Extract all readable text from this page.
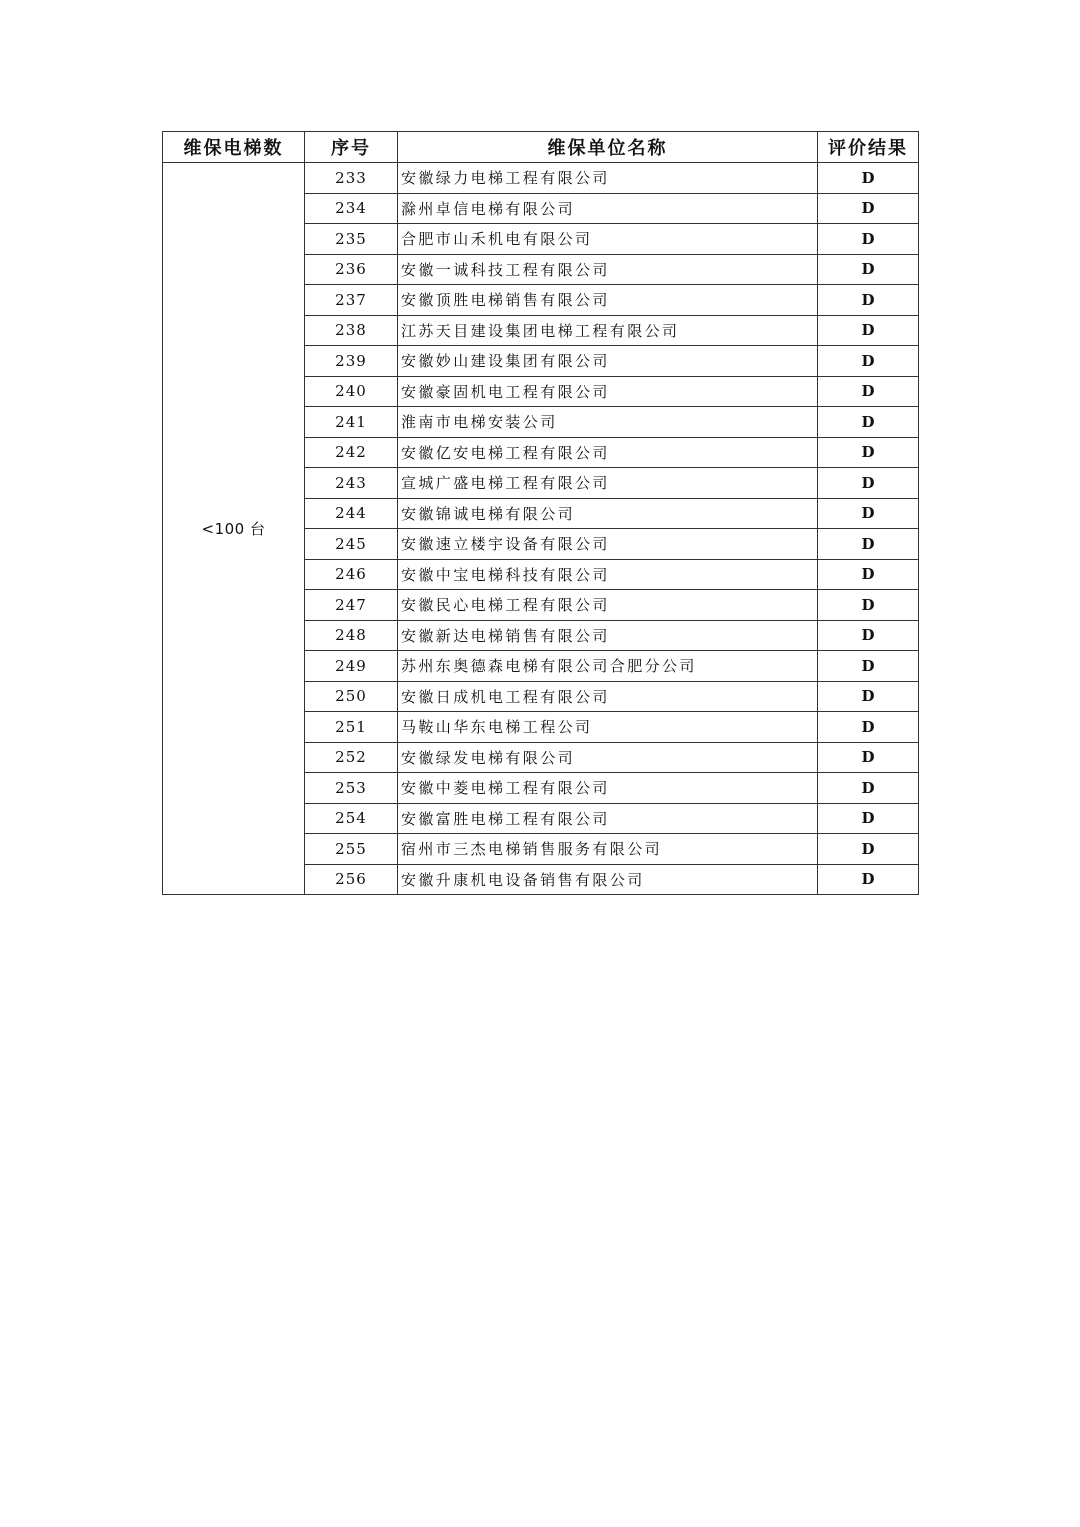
维保电梯数	序号	维保单位名称	评价结果
<100 台	233	安徽绿力电梯工程有限公司	D
	234	滁州卓信电梯有限公司	D
	235	合肥市山禾机电有限公司	D
	236	安徽一诚科技工程有限公司	D
	237	安徽顶胜电梯销售有限公司	D
	238	江苏天目建设集团电梯工程有限公司	D
	239	安徽妙山建设集团有限公司	D
	240	安徽豪固机电工程有限公司	D
	241	淮南市电梯安装公司	D
	242	安徽亿安电梯工程有限公司	D
	243	宣城广盛电梯工程有限公司	D
	244	安徽锦诚电梯有限公司	D
	245	安徽速立楼宇设备有限公司	D
	246	安徽中宝电梯科技有限公司	D
	247	安徽民心电梯工程有限公司	D
	248	安徽新达电梯销售有限公司	D
	249	苏州东奥德森电梯有限公司合肥分公司	D
	250	安徽日成机电工程有限公司	D
	251	马鞍山华东电梯工程公司	D
	252	安徽绿发电梯有限公司	D
	253	安徽中菱电梯工程有限公司	D
	254	安徽富胜电梯工程有限公司	D
	255	宿州市三杰电梯销售服务有限公司	D
	256	安徽升康机电设备销售有限公司	D
